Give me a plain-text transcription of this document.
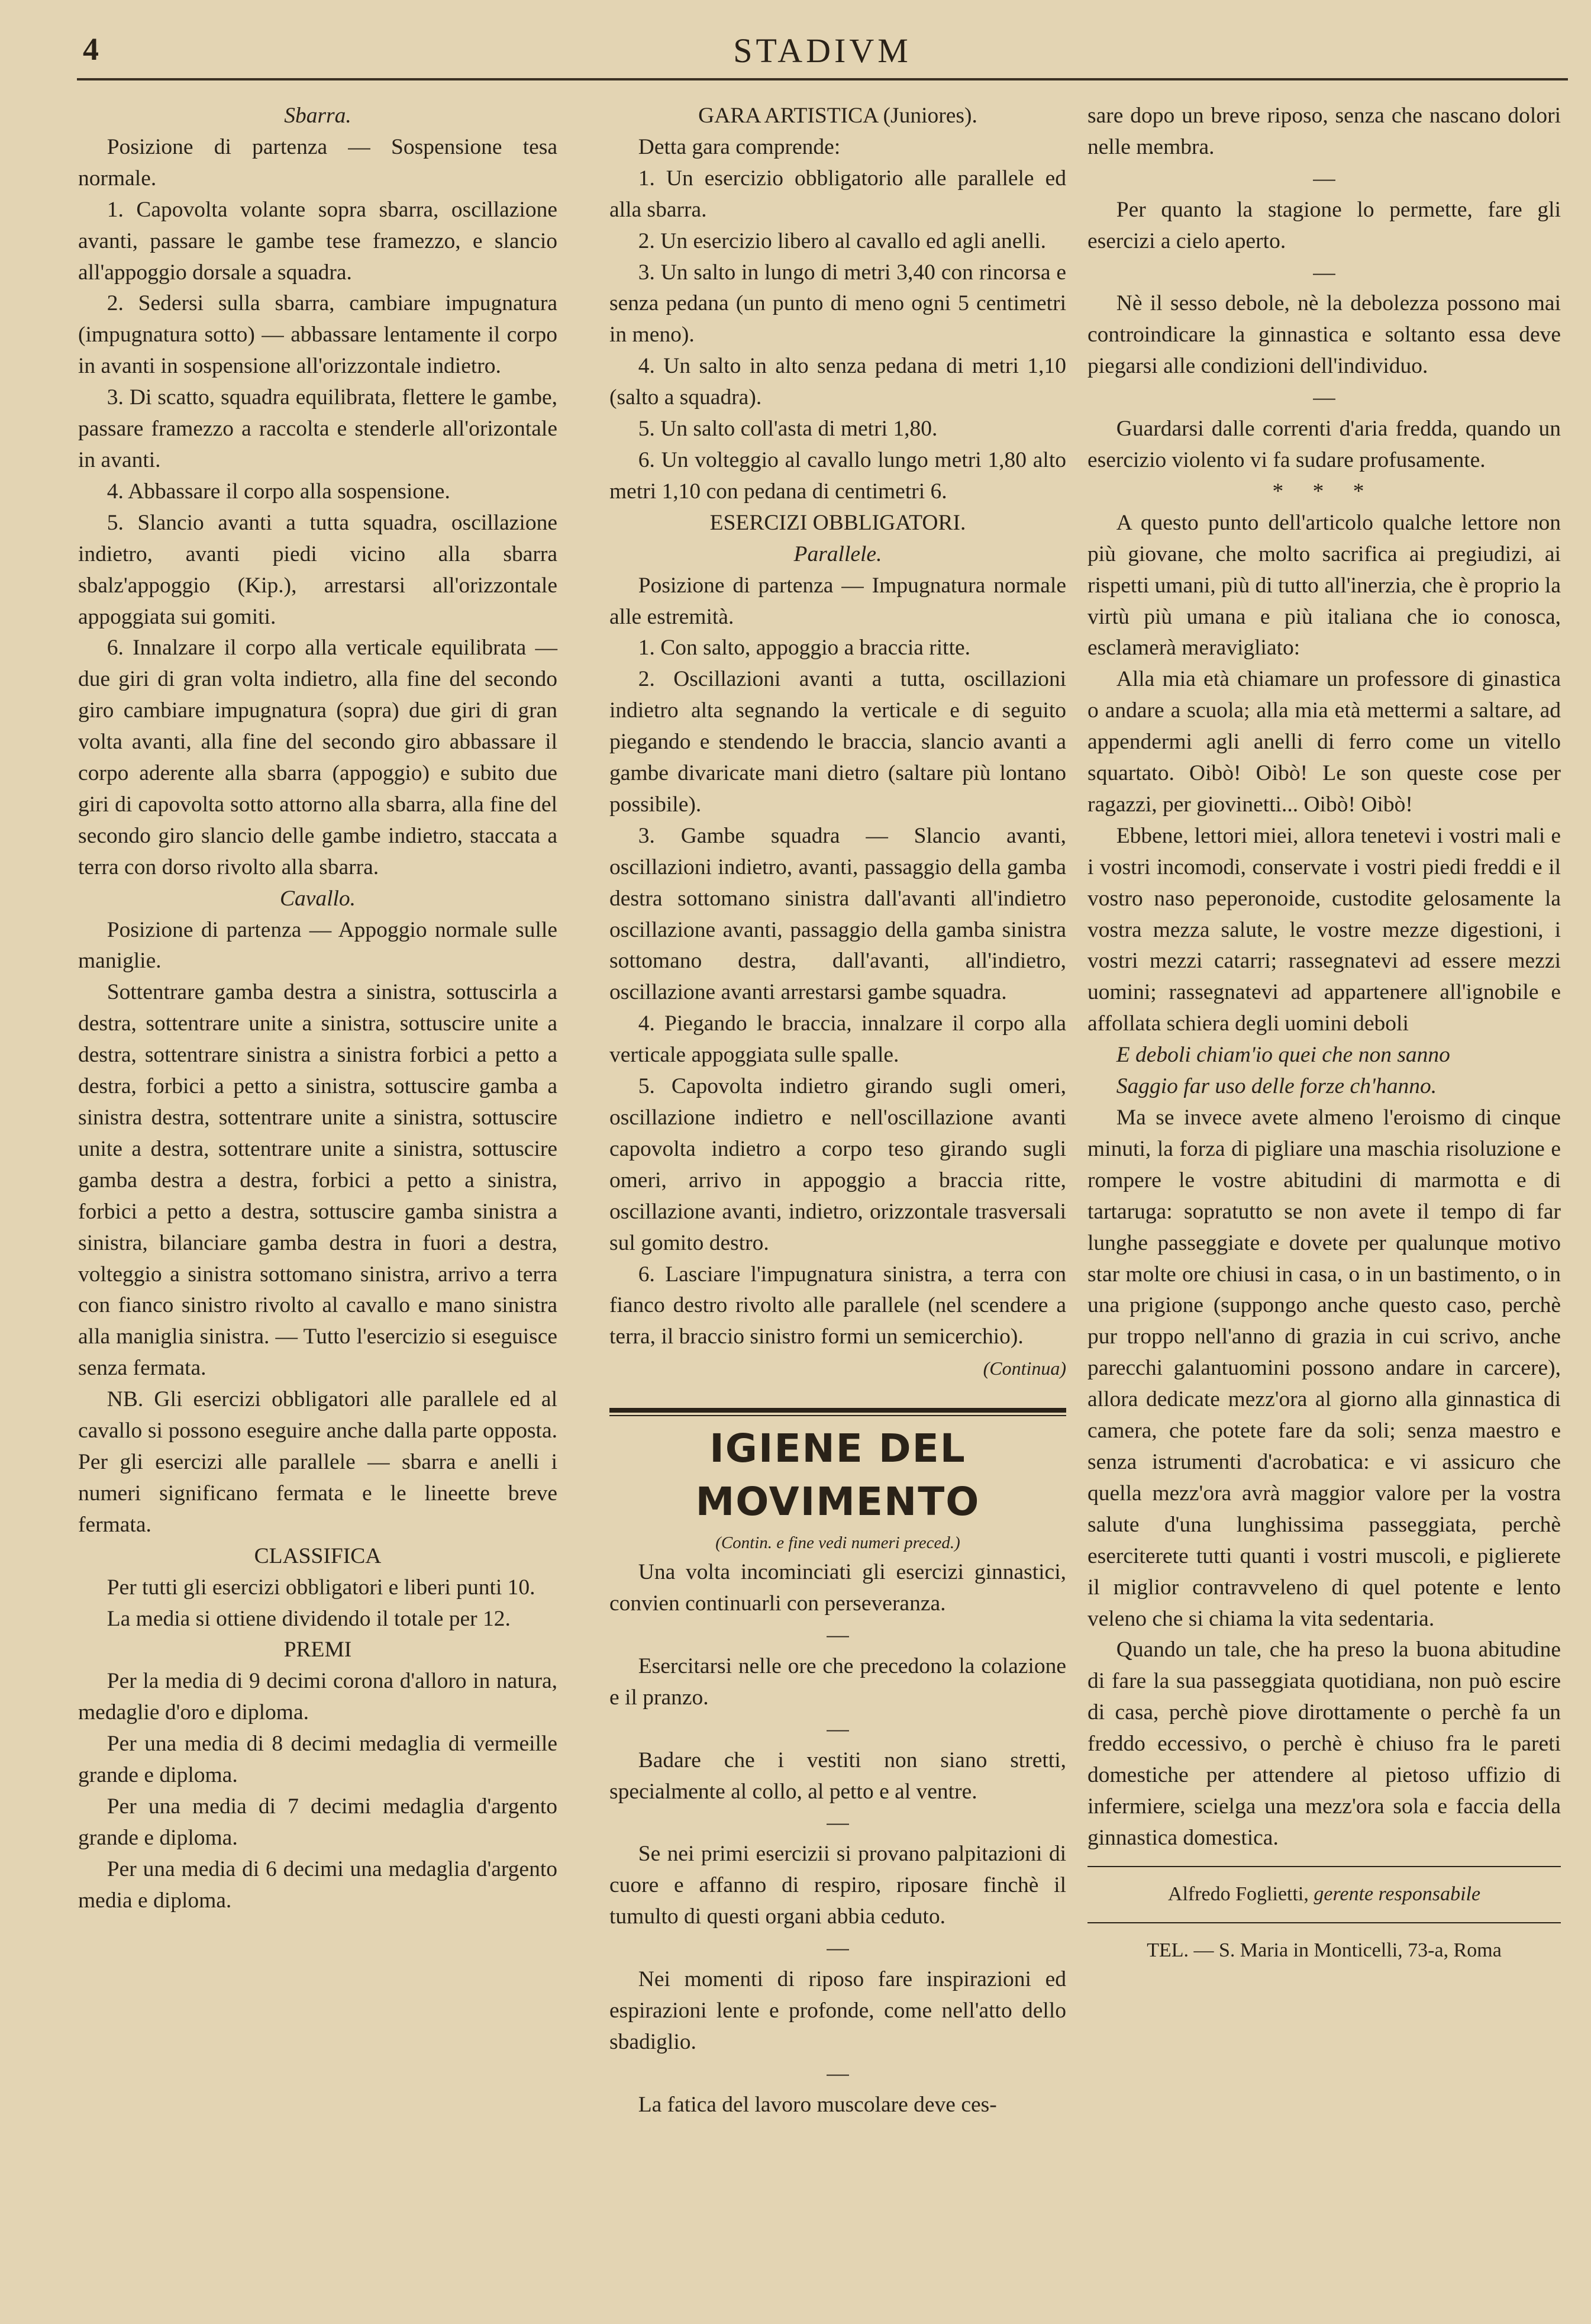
4	STADIVM
Sbarra.

Posizione di partenza — Sospensione tesa normale.

1. Capovolta volante sopra sbarra, oscillazione avanti, passare le gambe tese framezzo, e slancio all'appoggio dorsale a squadra.

2. Sedersi sulla sbarra, cambiare impugnatura (impugnatura sotto) — abbassare lentamente il corpo in avanti in sospensione all'orizzontale indietro.

3. Di scatto, squadra equilibrata, flettere le gambe, passare framezzo a raccolta e stenderle all'orizontale in avanti.

4. Abbassare il corpo alla sospensione.

5. Slancio avanti a tutta squadra, oscillazione indietro, avanti piedi vicino alla sbarra sbalz'appoggio (Kip.), arrestarsi all'orizzontale appoggiata sui gomiti.

6. Innalzare il corpo alla verticale equilibrata — due giri di gran volta indietro, alla fine del secondo giro cambiare impugnatura (sopra) due giri di gran volta avanti, alla fine del secondo giro abbassare il corpo aderente alla sbarra (appoggio) e subito due giri di capovolta sotto attorno alla sbarra, alla fine del secondo giro slancio delle gambe indietro, staccata a terra con dorso rivolto alla sbarra.

Cavallo.

Posizione di partenza — Appoggio normale sulle maniglie.

Sottentrare gamba destra a sinistra, sottuscirla a destra, sottentrare unite a sinistra, sottuscire unite a destra, sottentrare sinistra a sinistra forbici a petto a destra, forbici a petto a sinistra, sottuscire gamba a sinistra destra, sottentrare unite a sinistra, sottuscire unite a destra, sottentrare unite a sinistra, sottuscire gamba destra a destra, forbici a petto a sinistra, forbici a petto a destra, sottuscire gamba sinistra a sinistra, bilanciare gamba destra in fuori a destra, volteggio a sinistra sottomano sinistra, arrivo a terra con fianco sinistro rivolto al cavallo e mano sinistra alla maniglia sinistra. — Tutto l'esercizio si eseguisce senza fermata.

NB. Gli esercizi obbligatori alle parallele ed al cavallo si possono eseguire anche dalla parte opposta. Per gli esercizi alle parallele — sbarra e anelli i numeri significano fermata e le lineette breve fermata.

CLASSIFICA

Per tutti gli esercizi obbligatori e liberi punti 10.

La media si ottiene dividendo il totale per 12.

PREMI

Per la media di 9 decimi corona d'alloro in natura, medaglie d'oro e diploma.

Per una media di 8 decimi medaglia di vermeille grande e diploma.

Per una media di 7 decimi medaglia d'argento grande e diploma.

Per una media di 6 decimi una medaglia d'argento media e diploma.

GARA ARTISTICA (Juniores).

Detta gara comprende:

1. Un esercizio obbligatorio alle parallele ed alla sbarra.

2. Un esercizio libero al cavallo ed agli anelli.

3. Un salto in lungo di metri 3,40 con rincorsa e senza pedana (un punto di meno ogni 5 centimetri in meno).

4. Un salto in alto senza pedana di metri 1,10 (salto a squadra).

5. Un salto coll'asta di metri 1,80.

6. Un volteggio al cavallo lungo metri 1,80 alto metri 1,10 con pedana di centimetri 6.

ESERCIZI OBBLIGATORI.
Parallele.

Posizione di partenza — Impugnatura normale alle estremità.

1. Con salto, appoggio a braccia ritte.

2. Oscillazioni avanti a tutta, oscillazioni indietro alta segnando la verticale e di seguito piegando e stendendo le braccia, slancio avanti a gambe divaricate mani dietro (saltare più lontano possibile).

3. Gambe squadra — Slancio avanti, oscillazioni indietro, avanti, passaggio della gamba destra sottomano sinistra dall'avanti all'indietro oscillazione avanti, passaggio della gamba sinistra sottomano destra, dall'avanti, all'indietro, oscillazione avanti arrestarsi gambe squadra.

4. Piegando le braccia, innalzare il corpo alla verticale appoggiata sulle spalle.

5. Capovolta indietro girando sugli omeri, oscillazione indietro e nell'oscillazione avanti capovolta indietro a corpo teso girando sugli omeri, arrivo in appoggio a braccia ritte, oscillazione avanti, indietro, orizzontale trasversali sul gomito destro.

6. Lasciare l'impugnatura sinistra, a terra con fianco destro rivolto alle parallele (nel scendere a terra, il braccio sinistro formi un semicerchio).

(Continua)
IGIENE DEL MOVIMENTO
(Contin. e fine vedi numeri preced.)

Una volta incominciati gli esercizi ginnastici, convien continuarli con perseveranza.

—

Esercitarsi nelle ore che precedono la colazione e il pranzo.

—

Badare che i vestiti non siano stretti, specialmente al collo, al petto e al ventre.

—

Se nei primi esercizii si provano palpitazioni di cuore e affanno di respiro, riposare finchè il tumulto di questi organi abbia ceduto.

—

Nei momenti di riposo fare inspirazioni ed espirazioni lente e profonde, come nell'atto dello sbadiglio.

—

La fatica del lavoro muscolare deve ces-

sare dopo un breve riposo, senza che nascano dolori nelle membra.

—

Per quanto la stagione lo permette, fare gli esercizi a cielo aperto.

—

Nè il sesso debole, nè la debolezza possono mai controindicare la ginnastica e soltanto essa deve piegarsi alle condizioni dell'individuo.

—

Guardarsi dalle correnti d'aria fredda, quando un esercizio violento vi fa sudare profusamente.

* * *

A questo punto dell'articolo qualche lettore non più giovane, che molto sacrifica ai pregiudizi, ai rispetti umani, più di tutto all'inerzia, che è proprio la virtù più umana e più italiana che io conosca, esclamerà meravigliato:

Alla mia età chiamare un professore di ginastica o andare a scuola; alla mia età mettermi a saltare, ad appendermi agli anelli di ferro come un vitello squartato. Oibò! Oibò! Le son queste cose per ragazzi, per giovinetti... Oibò! Oibò!

Ebbene, lettori miei, allora tenetevi i vostri mali e i vostri incomodi, conservate i vostri piedi freddi e il vostro naso peperonoide, custodite gelosamente la vostra mezza salute, le vostre mezze digestioni, i vostri mezzi catarri; rassegnatevi ad essere mezzi uomini; rassegnatevi ad appartenere all'ignobile e affollata schiera degli uomini deboli

E deboli chiam'io quei che non sanno

Saggio far uso delle forze ch'hanno.

Ma se invece avete almeno l'eroismo di cinque minuti, la forza di pigliare una maschia risoluzione e rompere le vostre abitudini di marmotta e di tartaruga: sopratutto se non avete il tempo di far lunghe passeggiate e dovete per qualunque motivo star molte ore chiusi in casa, o in un bastimento, o in una prigione (suppongo anche questo caso, perchè pur troppo nell'anno di grazia in cui scrivo, anche parecchi galantuomini possono andare in carcere), allora dedicate mezz'ora al giorno alla ginnastica di camera, che potete fare da soli; senza maestro e senza istrumenti d'acrobatica: e vi assicuro che quella mezz'ora avrà maggior valore per la vostra salute d'una lunghissima passeggiata, perchè eserciterete tutti quanti i vostri muscoli, e piglierete il miglior contravveleno di quel potente e lento veleno che si chiama la vita sedentaria.

Quando un tale, che ha preso la buona abitudine di fare la sua passeggiata quotidiana, non può escire di casa, perchè piove dirottamente o perchè fa un freddo eccessivo, o perchè è chiuso fra le pareti domestiche per attendere al pietoso uffizio di infermiere, scielga una mezz'ora sola e faccia della ginnastica domestica.

Alfredo Foglietti, gerente responsabile
TEL. — S. Maria in Monticelli, 73-a, Roma
